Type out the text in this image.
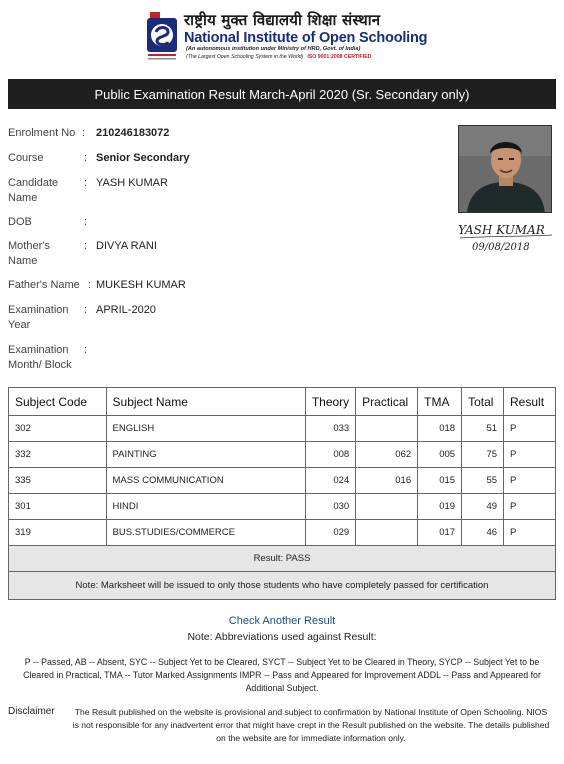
राष्ट्रीय मुक्त विद्यालयी शिक्षा संस्थान
National Institute of Open Schooling
(An autonomous institution under Ministry of HRD, Govt. of India)
(The Largest Open Schooling System in the World) ISO 9001:2008 CERTIFIED
Public Examination Result March-April 2020 (Sr. Secondary only)
Enrolment No : 210246183072
Course	: Senior Secondary
Candidate Name
: YASH KUMAR
DOB	:
Mother's Name
: DIVYA RANI
Father's Name : MUKESH KUMAR
Examination Year
: APRIL-2020
Examination Month/ Block
:
YASH KUMAR
09/08/2018
Subject Code	Subject Name	Theory	Practical	TMA	Total	Result
302	ENGLISH	033		018	51	P
332	PAINTING	008	062	005	75	P
335	MASS COMMUNICATION	024	016	015	55	P
301	HINDI	030		019	49	P
319	BUS.STUDIES/COMMERCE	029		017	46	P
Result: PASS						
Note: Marksheet will be issued to only those students who have completely passed for certification						
Check Another Result
Note: Abbreviations used against Result:
P -- Passed, AB -- Absent, SYC -- Subject Yet to be Cleared, SYCT -- Subject Yet to be Cleared in Theory, SYCP -- Subject Yet to be Cleared in Practical, TMA -- Tutor Marked Assignments IMPR -- Pass and Appeared for Improvement ADDL -- Pass and Appeared for Additional Subject.
Disclaimer	The Result published on the website is provisional and subject to confirmation by National Institute of Open Schooling. NIOS is not responsible for any inadvertent error that might have crept in the Result published on the website. The details published on the website are for immediate information only.
